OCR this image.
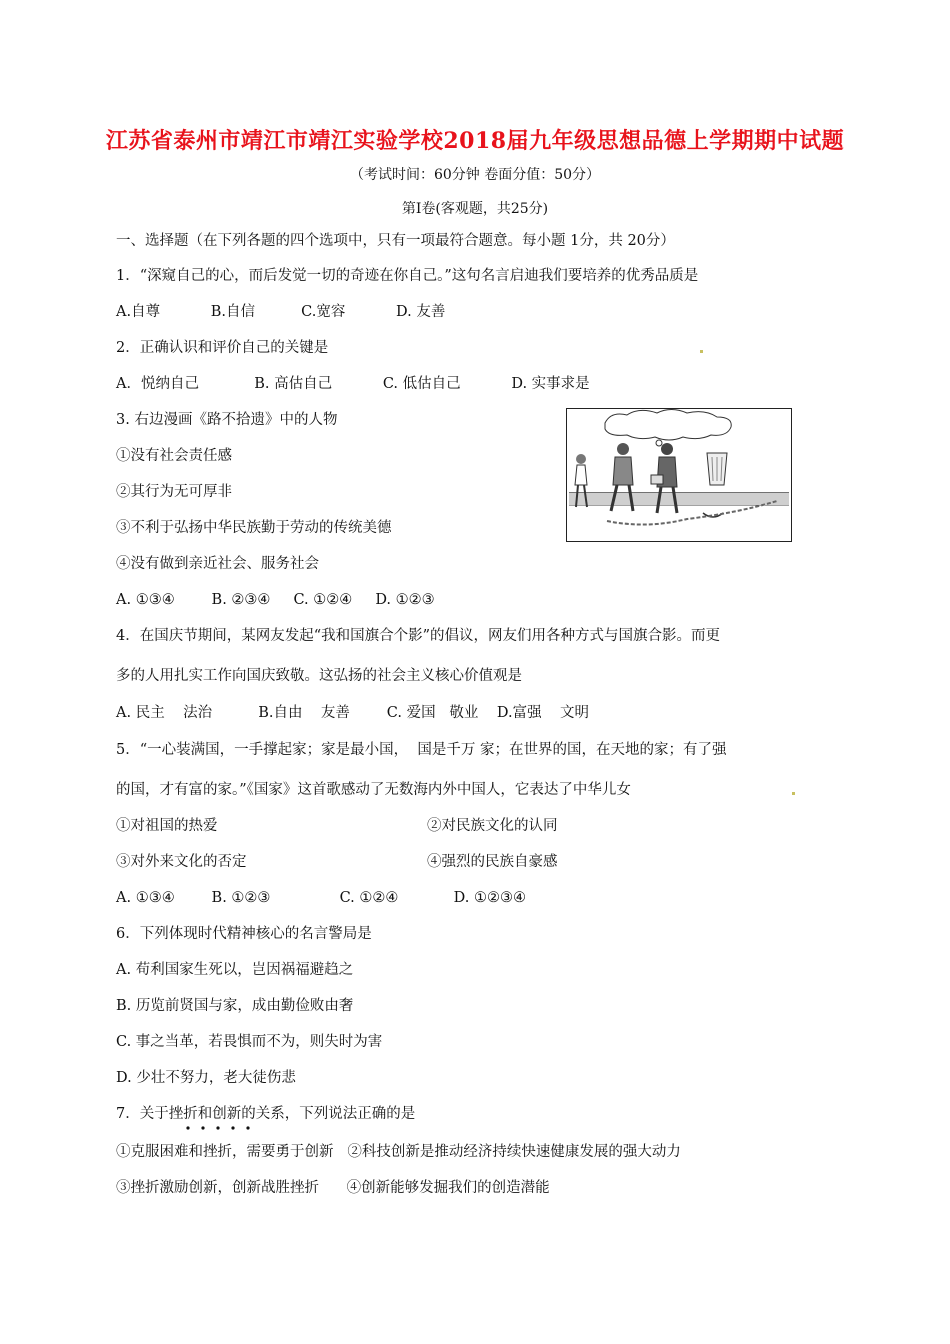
江苏省泰州市靖江市靖江实验学校2018届九年级思想品德上学期期中试题
（考试时间：60分钟 卷面分值：50分）
第Ⅰ卷(客观题，共25分)
一、选择题（在下列各题的四个选项中，只有一项最符合题意。每小题 1分，共 20分）
1．“深窥自己的心，而后发觉一切的奇迹在你自己。”这句名言启迪我们要培养的优秀品质是
A.自尊           B.自信          C.宽容           D. 友善
2．正确认识和评价自己的关键是
A．悦纳自己            B. 高估自己           C. 低估自己           D. 实事求是
3. 右边漫画《路不拾遗》中的人物
①没有社会责任感
②其行为无可厚非
③不利于弘扬中华民族勤于劳动的传统美德
④没有做到亲近社会、服务社会
A. ①③④        B. ②③④     C. ①②④     D. ①②③
4．在国庆节期间，某网友发起“我和国旗合个影”的倡议，网友们用各种方式与国旗合影。而更
多的人用扎实工作向国庆致敬。这弘扬的社会主义核心价值观是
A. 民主    法治          B.自由    友善        C. 爱国   敬业    D.富强    文明
5．“一心装满国，一手撑起家；家是最小国，  国是千万 家；在世界的国，在天地的家；有了强
的国，才有富的家。”《国家》这首歌感动了无数海内外中国人，它表达了中华儿女
①对祖国的热爱	②对民族文化的认同
③对外来文化的否定	④强烈的民族自豪感
A. ①③④        B. ①②③               C. ①②④            D. ①②③④
6．下列体现时代精神核心的名言警局是
A. 苟利国家生死以，岂因祸福避趋之
B. 历览前贤国与家，成由勤俭败由奢
C. 事之当革，若畏惧而不为，则失时为害
D. 少壮不努力，老大徒伤悲
7．关于挫折和创新的关系，下列说法正确的是
①克服困难和挫折，需要勇于创新   ②科技创新是推动经济持续快速健康发展的强大动力
③挫折激励创新，创新战胜挫折      ④创新能够发掘我们的创造潜能
